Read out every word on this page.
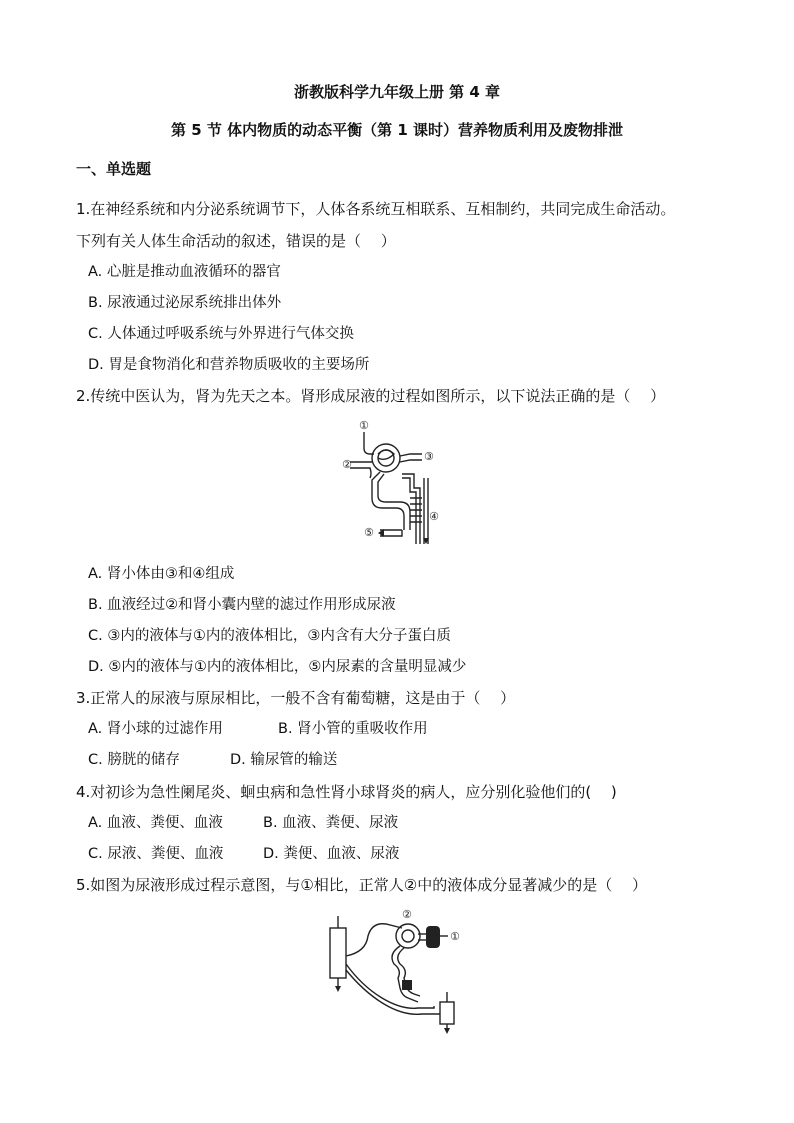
浙教版科学九年级上册 第 4 章
第 5 节 体内物质的动态平衡（第 1 课时）营养物质利用及废物排泄
一、单选题
1.在神经系统和内分泌系统调节下，人体各系统互相联系、互相制约，共同完成生命活动。
下列有关人体生命活动的叙述，错误的是（　 ）
A. 心脏是推动血液循环的器官
B. 尿液通过泌尿系统排出体外
C. 人体通过呼吸系统与外界进行气体交换
D. 胃是食物消化和营养物质吸收的主要场所
2.传统中医认为，肾为先天之本。肾形成尿液的过程如图所示，以下说法正确的是（　 ）
①
②
③
④
⑤
A. 肾小体由③和④组成
B. 血液经过②和肾小囊内壁的滤过作用形成尿液
C. ③内的液体与①内的液体相比，③内含有大分子蛋白质
D. ⑤内的液体与①内的液体相比，⑤内尿素的含量明显减少
3.正常人的尿液与原尿相比，一般不含有葡萄糖，这是由于（　 ）
A. 肾小球的过滤作用	B. 肾小管的重吸收作用
C. 膀胱的储存	D. 输尿管的输送
4.对初诊为急性阑尾炎、蛔虫病和急性肾小球肾炎的病人，应分别化验他们的(　 )
A. 血液、粪便、血液	B. 血液、粪便、尿液
C. 尿液、粪便、血液	D. 粪便、血液、尿液
5.如图为尿液形成过程示意图，与①相比，正常人②中的液体成分显著减少的是（　 ）
②
①
